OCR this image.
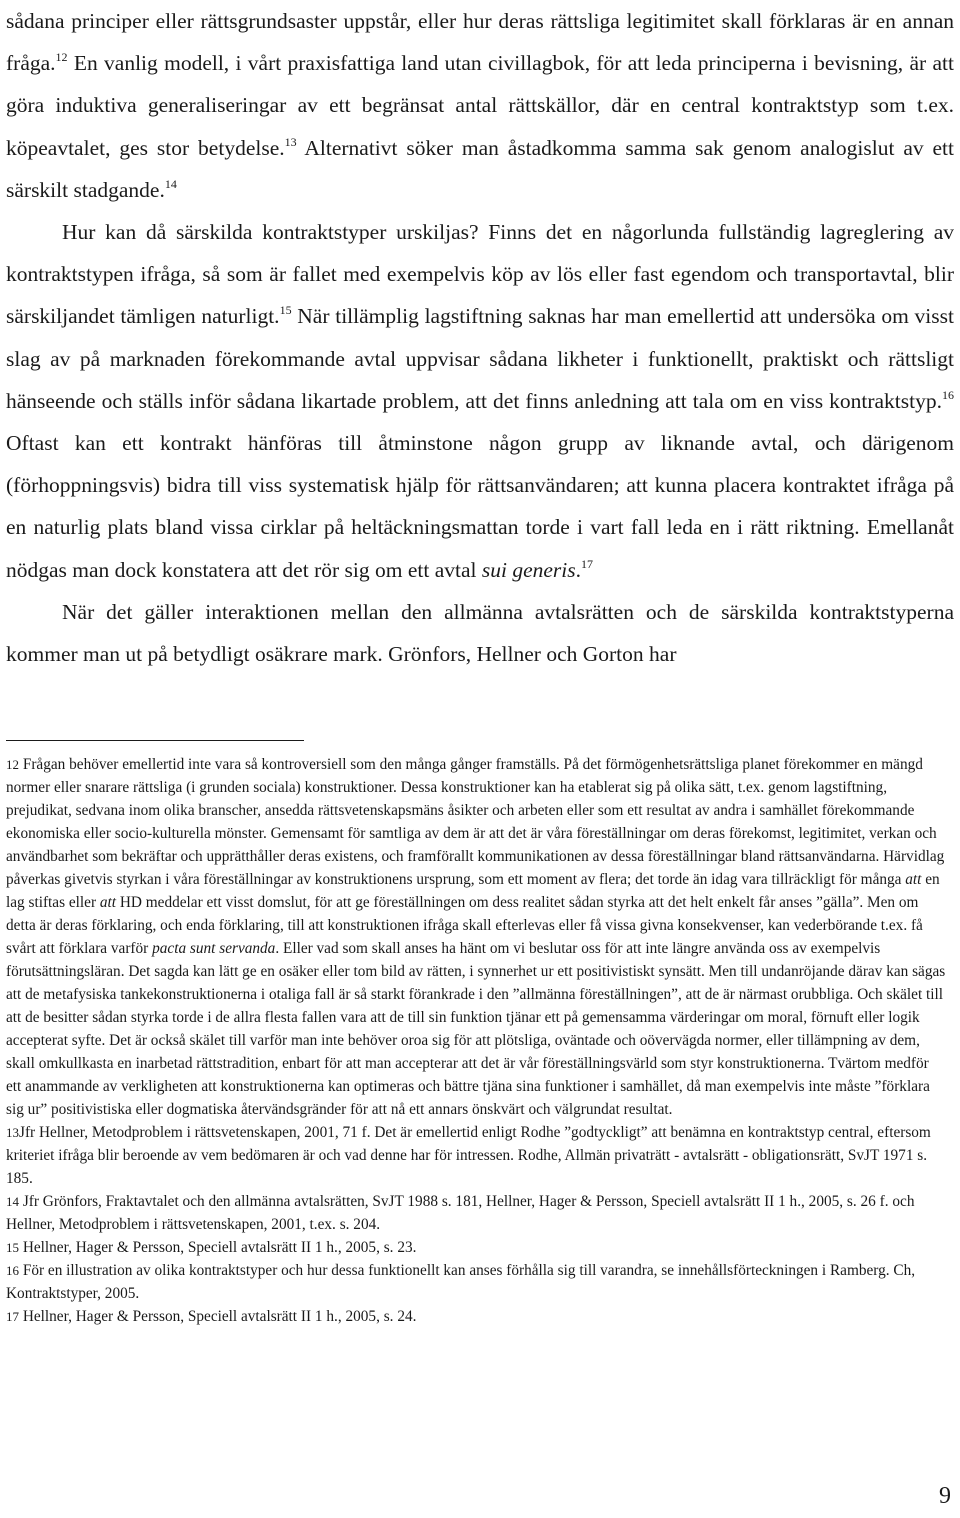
sådana principer eller rättsgrundsaster uppstår, eller hur deras rättsliga legitimitet skall förklaras är en annan fråga.$^{12}$ En vanlig modell, i vårt praxisfattiga land utan civillagbok, för att leda principerna i bevisning, är att göra induktiva generaliseringar av ett begränsat antal rättskällor, där en central kontraktstyp som t.ex. köpeavtalet, ges stor betydelse.$^{13}$ Alternativt söker man åstadkomma samma sak genom analogislut av ett särskilt stadgande.$^{14}$

Hur kan då särskilda kontraktstyper urskiljas? Finns det en någorlunda fullständig lagreglering av kontraktstypen ifråga, så som är fallet med exempelvis köp av lös eller fast egendom och transportavtal, blir särskiljandet tämligen naturligt.$^{15}$ När tillämplig lagstiftning saknas har man emellertid att undersöka om visst slag av på marknaden förekommande avtal uppvisar sådana likheter i funktionellt, praktiskt och rättsligt hänseende och ställs inför sådana likartade problem, att det finns anledning att tala om en viss kontraktstyp.$^{16}$ Oftast kan ett kontrakt hänföras till åtminstone någon grupp av liknande avtal, och därigenom (förhoppningsvis) bidra till viss systematisk hjälp för rättsanvändaren; att kunna placera kontraktet ifråga på en naturlig plats bland vissa cirklar på heltäckningsmattan torde i vart fall leda en i rätt riktning. Emellanåt nödgas man dock konstatera att det rör sig om ett avtal sui generis.$^{17}$

När det gäller interaktionen mellan den allmänna avtalsrätten och de särskilda kontraktstyperna kommer man ut på betydligt osäkrare mark. Grönfors, Hellner och Gorton har

12 Frågan behöver emellertid inte vara så kontroversiell som den många gånger framställs. På det förmögenhetsrättsliga planet förekommer en mängd normer eller snarare rättsliga (i grunden sociala) konstruktioner. Dessa konstruktioner kan ha etablerat sig på olika sätt, t.ex. genom lagstiftning, prejudikat, sedvana inom olika branscher, ansedda rättsvetenskapsmäns åsikter och arbeten eller som ett resultat av andra i samhället förekommande ekonomiska eller socio-kulturella mönster. Gemensamt för samtliga av dem är att det är våra föreställningar om deras förekomst, legitimitet, verkan och användbarhet som bekräftar och upprätthåller deras existens, och framförallt kommunikationen av dessa föreställningar bland rättsanvändarna. Härvidlag påverkas givetvis styrkan i våra föreställningar av konstruktionens ursprung, som ett moment av flera; det torde än idag vara tillräckligt för många att en lag stiftas eller att HD meddelar ett visst domslut, för att ge föreställningen om dess realitet sådan styrka att det helt enkelt får anses ”gälla”. Men om detta är deras förklaring, och enda förklaring, till att konstruktionen ifråga skall efterlevas eller få vissa givna konsekvenser, kan vederbörande t.ex. få svårt att förklara varför pacta sunt servanda. Eller vad som skall anses ha hänt om vi beslutar oss för att inte längre använda oss av exempelvis förutsättningsläran. Det sagda kan lätt ge en osäker eller tom bild av rätten, i synnerhet ur ett positivistiskt synsätt. Men till undanröjande därav kan sägas att de metafysiska tankekonstruktionerna i otaliga fall är så starkt förankrade i den ”allmänna föreställningen”, att de är närmast orubbliga. Och skälet till att de besitter sådan styrka torde i de allra flesta fallen vara att de till sin funktion tjänar ett på gemensamma värderingar om moral, förnuft eller logik accepterat syfte. Det är också skälet till varför man inte behöver oroa sig för att plötsliga, oväntade och oövervägda normer, eller tillämpning av dem, skall omkullkasta en inarbetad rättstradition, enbart för att man accepterar att det är vår föreställningsvärld som styr konstruktionerna. Tvärtom medför ett anammande av verkligheten att konstruktionerna kan optimeras och bättre tjäna sina funktioner i samhället, då man exempelvis inte måste ”förklara sig ur” positivistiska eller dogmatiska återvändsgränder för att nå ett annars önskvärt och välgrundat resultat.

13Jfr Hellner, Metodproblem i rättsvetenskapen, 2001, 71 f. Det är emellertid enligt Rodhe ”godtyckligt” att benämna en kontraktstyp central, eftersom kriteriet ifråga blir beroende av vem bedömaren är och vad denne har för intressen. Rodhe, Allmän privaträtt - avtalsrätt - obligationsrätt, SvJT 1971 s. 185.

14 Jfr Grönfors, Fraktavtalet och den allmänna avtalsrätten, SvJT 1988 s. 181, Hellner, Hager & Persson, Speciell avtalsrätt II 1 h., 2005, s. 26 f. och Hellner, Metodproblem i rättsvetenskapen, 2001, t.ex. s. 204.

15 Hellner, Hager & Persson, Speciell avtalsrätt II 1 h., 2005, s. 23.

16 För en illustration av olika kontraktstyper och hur dessa funktionellt kan anses förhålla sig till varandra, se innehållsförteckningen i Ramberg. Ch, Kontraktstyper, 2005.

17 Hellner, Hager & Persson, Speciell avtalsrätt II 1 h., 2005, s. 24.

9
